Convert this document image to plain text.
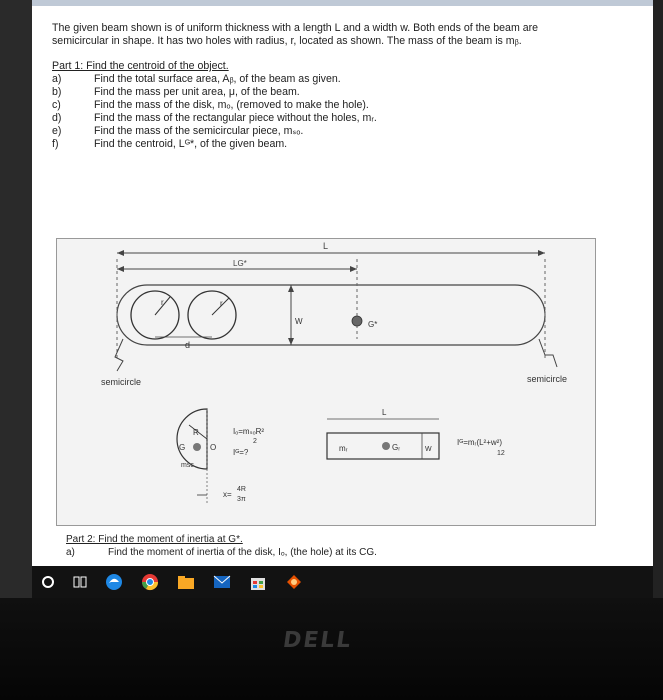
The given beam shown is of uniform thickness with a length L and a width w. Both ends of the beam are semicircular in shape. It has two holes with radius, r, located as shown. The mass of the beam is mᵦ.

Part 1: Find the centroid of the object.
a)	Find the total surface area, Aᵦ, of the beam as given.
b)	Find the mass per unit area, μ, of the beam.
c)	Find the mass of the disk, mₒ, (removed to make the hole).
d)	Find the mass of the rectangular piece without the holes, mᵣ.
e)	Find the mass of the semicircular piece, mₛₒ.
f)	Find the centroid, Lᴳ*, of the given beam.
L
LG*
r	r
d
W	G*
semicircle	semicircle
R
G	O
msc
Iₒ=mₛₒR²
2
Iᴳ=?
x=
4R
3π
L
mᵣ	Gᵣ	W
Iᴳ=mᵣ(L²+w²)
12
Part 2: Find the moment of inertia at G*.
a)	Find the moment of inertia of the disk, Iₒ, (the hole) at its CG.
DELL
